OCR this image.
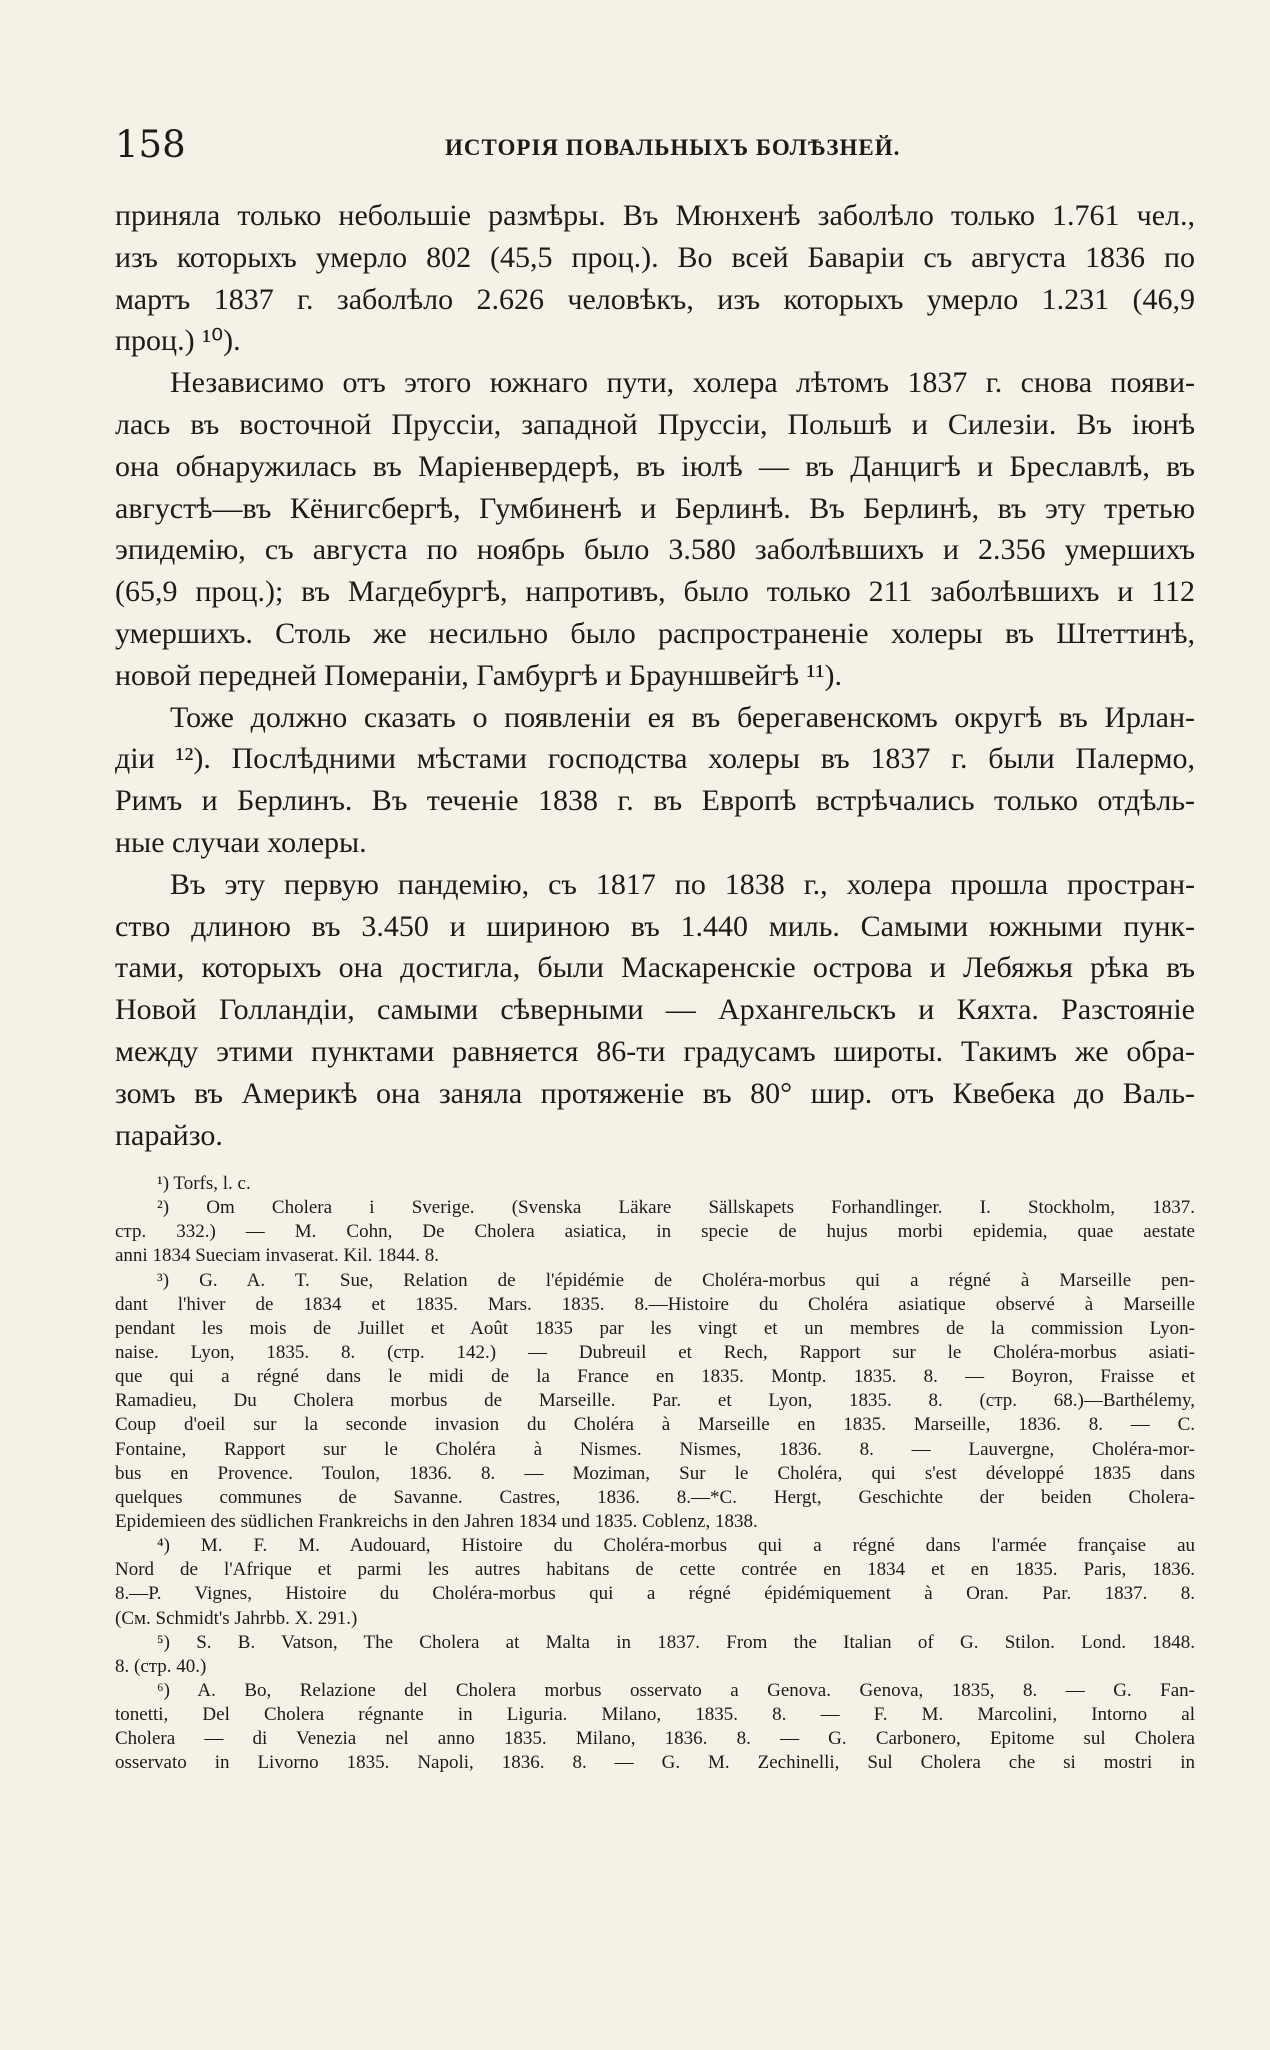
158	ИСТОРІЯ ПОВАЛЬНЫХЪ БОЛѢЗНЕЙ.
приняла только небольшіе размѣры. Въ Мюнхенѣ заболѣло только 1.761 чел.,
изъ которыхъ умерло 802 (45,5 проц.). Во всей Баваріи съ августа 1836 по
мартъ 1837 г. заболѣло 2.626 человѣкъ, изъ которыхъ умерло 1.231 (46,9
проц.) ¹⁰).
Независимо отъ этого южнаго пути, холера лѣтомъ 1837 г. снова появи-
лась въ восточной Пруссіи, западной Пруссіи, Польшѣ и Силезіи. Въ іюнѣ
она обнаружилась въ Маріенвердерѣ, въ іюлѣ — въ Данцигѣ и Бреславлѣ, въ
августѣ—въ Кёнигсбергѣ, Гумбиненѣ и Берлинѣ. Въ Берлинѣ, въ эту третью
эпидемію, съ августа по ноябрь было 3.580 заболѣвшихъ и 2.356 умершихъ
(65,9 проц.); въ Магдебургѣ, напротивъ, было только 211 заболѣвшихъ и 112
умершихъ. Столь же несильно было распространеніе холеры въ Штеттинѣ,
новой передней Помераніи, Гамбургѣ и Брауншвейгѣ ¹¹).
Тоже должно сказать о появленіи ея въ берегавенскомъ округѣ въ Ирлан-
діи ¹²). Послѣдними мѣстами господства холеры въ 1837 г. были Палермо,
Римъ и Берлинъ. Въ теченіе 1838 г. въ Европѣ встрѣчались только отдѣль-
ные случаи холеры.
Въ эту первую пандемію, съ 1817 по 1838 г., холера прошла простран-
ство длиною въ 3.450 и шириною въ 1.440 миль. Самыми южными пунк-
тами, которыхъ она достигла, были Маскаренскіе острова и Лебяжья рѣка въ
Новой Голландіи, самыми сѣверными — Архангельскъ и Кяхта. Разстояніе
между этими пунктами равняется 86-ти градусамъ широты. Такимъ же обра-
зомъ въ Америкѣ она заняла протяженіе въ 80° шир. отъ Квебека до Валь-
парайзо.
¹) Torfs, l. c.
²) Om Cholera i Sverige. (Svenska Läkare Sällskapets Forhandlinger. I. Stockholm, 1837.
стр. 332.) — M. Cohn, De Cholera asiatica, in specie de hujus morbi epidemia, quae aestate
anni 1834 Sueciam invaserat. Kil. 1844. 8.
³) G. A. T. Sue, Relation de l'épidémie de Choléra-morbus qui a régné à Marseille pen-
dant l'hiver de 1834 et 1835. Mars. 1835. 8.—Histoire du Choléra asiatique observé à Marseille
pendant les mois de Juillet et Août 1835 par les vingt et un membres de la commission Lyon-
naise. Lyon, 1835. 8. (стр. 142.) — Dubreuil et Rech, Rapport sur le Choléra-morbus asiati-
que qui a régné dans le midi de la France en 1835. Montp. 1835. 8. — Boyron, Fraisse et
Ramadieu, Du Cholera morbus de Marseille. Par. et Lyon, 1835. 8. (стр. 68.)—Barthélemy,
Coup d'oeil sur la seconde invasion du Choléra à Marseille en 1835. Marseille, 1836. 8. — C.
Fontaine, Rapport sur le Choléra à Nismes. Nismes, 1836. 8. — Lauvergne, Choléra-mor-
bus en Provence. Toulon, 1836. 8. — Moziman, Sur le Choléra, qui s'est développé 1835 dans
quelques communes de Savanne. Castres, 1836. 8.—*C. Hergt, Geschichte der beiden Cholera-
Epidemieen des südlichen Frankreichs in den Jahren 1834 und 1835. Coblenz, 1838.
⁴) M. F. M. Audouard, Histoire du Choléra-morbus qui a régné dans l'armée française au
Nord de l'Afrique et parmi les autres habitans de cette contrée en 1834 et en 1835. Paris, 1836.
8.—P. Vignes, Histoire du Choléra-morbus qui a régné épidémiquement à Oran. Par. 1837. 8.
(См. Schmidt's Jahrbb. X. 291.)
⁵) S. B. Vatson, The Cholera at Malta in 1837. From the Italian of G. Stilon. Lond. 1848.
8. (стр. 40.)
⁶) A. Bo, Relazione del Cholera morbus osservato a Genova. Genova, 1835, 8. — G. Fan-
tonetti, Del Cholera régnante in Liguria. Milano, 1835. 8. — F. M. Marcolini, Intorno al
Cholera — di Venezia nel anno 1835. Milano, 1836. 8. — G. Carbonero, Epitome sul Cholera
osservato in Livorno 1835. Napoli, 1836. 8. — G. M. Zechinelli, Sul Cholera che si mostri in
